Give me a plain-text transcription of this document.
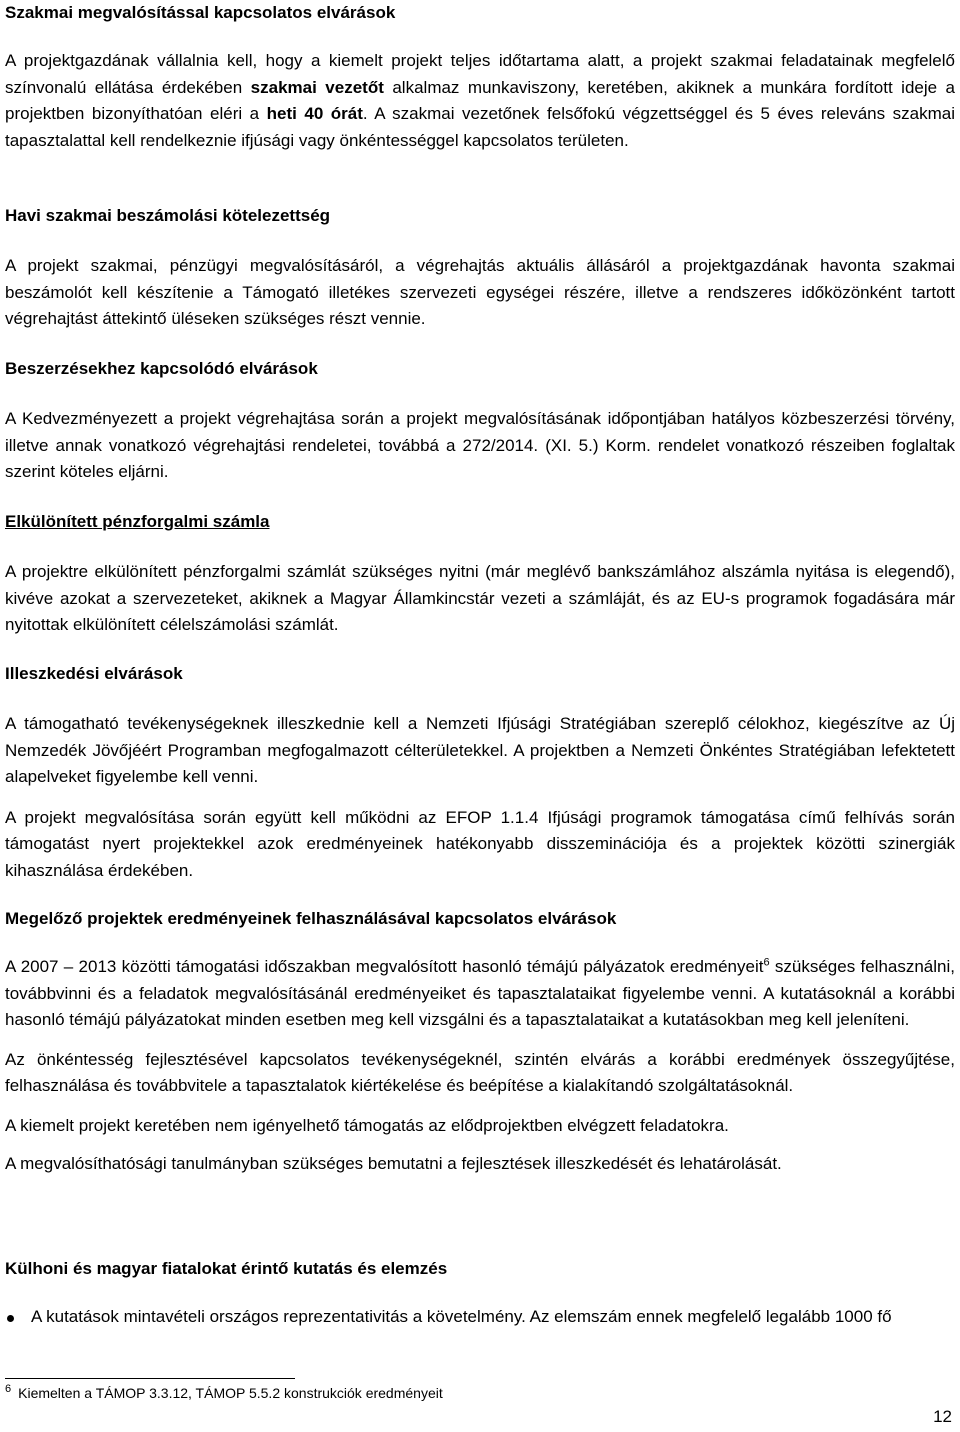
Szakmai megvalósítással kapcsolatos elvárások

A projektgazdának vállalnia kell, hogy a kiemelt projekt teljes időtartama alatt, a projekt szakmai feladatainak megfelelő színvonalú ellátása érdekében szakmai vezetőt alkalmaz munkaviszony, keretében, akiknek a munkára fordított ideje a projektben bizonyíthatóan eléri a heti 40 órát. A szakmai vezetőnek felsőfokú végzettséggel és 5 éves releváns szakmai tapasztalattal kell rendelkeznie ifjúsági vagy önkéntességgel kapcsolatos területen.

Havi szakmai beszámolási kötelezettség

A projekt szakmai, pénzügyi megvalósításáról, a végrehajtás aktuális állásáról a projektgazdának havonta szakmai beszámolót kell készítenie a Támogató illetékes szervezeti egységei részére, illetve a rendszeres időközönként tartott végrehajtást áttekintő üléseken szükséges részt vennie.

Beszerzésekhez kapcsolódó elvárások

A Kedvezményezett a projekt végrehajtása során a projekt megvalósításának időpontjában hatályos közbeszerzési törvény, illetve annak vonatkozó végrehajtási rendeletei, továbbá a 272/2014. (XI. 5.) Korm. rendelet vonatkozó részeiben foglaltak szerint köteles eljárni.

Elkülönített pénzforgalmi számla

A projektre elkülönített pénzforgalmi számlát szükséges nyitni (már meglévő bankszámlához alszámla nyitása is elegendő), kivéve azokat a szervezeteket, akiknek a Magyar Államkincstár vezeti a számláját, és az EU-s programok fogadására már nyitottak elkülönített célelszámolási számlát.

Illeszkedési elvárások

A támogatható tevékenységeknek illeszkednie kell a Nemzeti Ifjúsági Stratégiában szereplő célokhoz, kiegészítve az Új Nemzedék Jövőjéért Programban megfogalmazott célterületekkel. A projektben a Nemzeti Önkéntes Stratégiában lefektetett alapelveket figyelembe kell venni.

A projekt megvalósítása során együtt kell működni az EFOP 1.1.4 Ifjúsági programok támogatása című felhívás során támogatást nyert projektekkel azok eredményeinek hatékonyabb disszeminációja és a projektek közötti szinergiák kihasználása érdekében.

Megelőző projektek eredményeinek felhasználásával kapcsolatos elvárások

A 2007 – 2013 közötti támogatási időszakban megvalósított hasonló témájú pályázatok eredményeit$^6$ szükséges felhasználni, továbbvinni és a feladatok megvalósításánál eredményeiket és tapasztalataikat figyelembe venni. A kutatásoknál a korábbi hasonló témájú pályázatokat minden esetben meg kell vizsgálni és a tapasztalataikat a kutatásokban meg kell jeleníteni.

Az önkéntesség fejlesztésével kapcsolatos tevékenységeknél, szintén elvárás a korábbi eredmények összegyűjtése, felhasználása és továbbvitele a tapasztalatok kiértékelése és beépítése a kialakítandó szolgáltatásoknál.

A kiemelt projekt keretében nem igényelhető támogatás az elődprojektben elvégzett feladatokra.

A megvalósíthatósági tanulmányban szükséges bemutatni a fejlesztések illeszkedését és lehatárolását.

Külhoni és magyar fiatalokat érintő kutatás és elemzés

A kutatások mintavételi országos reprezentativitás a követelmény. Az elemszám ennek megfelelő legalább 1000 fő
$^6$ Kiemelten a TÁMOP 3.3.12, TÁMOP 5.5.2 konstrukciók eredményeit
12
